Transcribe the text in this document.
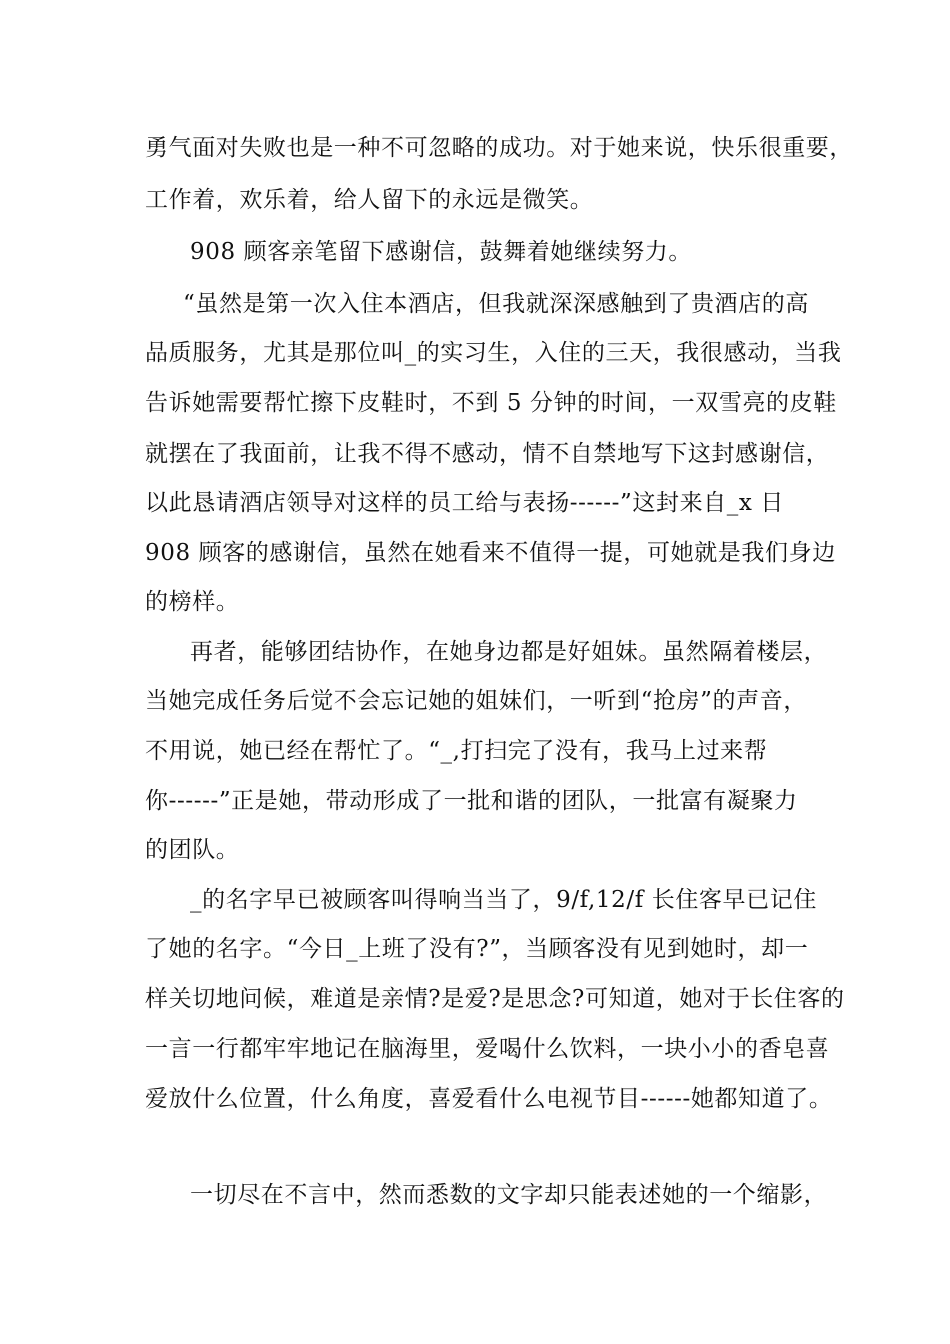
勇气面对失败也是一种不可忽略的成功。对于她来说，快乐很重要，
工作着，欢乐着，给人留下的永远是微笑。
908 顾客亲笔留下感谢信，鼓舞着她继续努力。
“虽然是第一次入住本酒店，但我就深深感触到了贵酒店的高
品质服务，尤其是那位叫_的实习生，入住的三天，我很感动，当我
告诉她需要帮忙擦下皮鞋时，不到 5 分钟的时间，一双雪亮的皮鞋
就摆在了我面前，让我不得不感动，情不自禁地写下这封感谢信，
以此恳请酒店领导对这样的员工给与表扬------”这封来自_x 日
908 顾客的感谢信，虽然在她看来不值得一提，可她就是我们身边
的榜样。
再者，能够团结协作，在她身边都是好姐妹。虽然隔着楼层，
当她完成任务后觉不会忘记她的姐妹们，一听到“抢房”的声音，
不用说，她已经在帮忙了。“_,打扫完了没有，我马上过来帮
你------”正是她，带动形成了一批和谐的团队，一批富有凝聚力
的团队。
_的名字早已被顾客叫得响当当了，9/f,12/f 长住客早已记住
了她的名字。“今日_上班了没有?”，当顾客没有见到她时，却一
样关切地问候，难道是亲情?是爱?是思念?可知道，她对于长住客的
一言一行都牢牢地记在脑海里，爱喝什么饮料，一块小小的香皂喜
爱放什么位置，什么角度，喜爱看什么电视节目------她都知道了。
一切尽在不言中，然而悉数的文字却只能表述她的一个缩影，
